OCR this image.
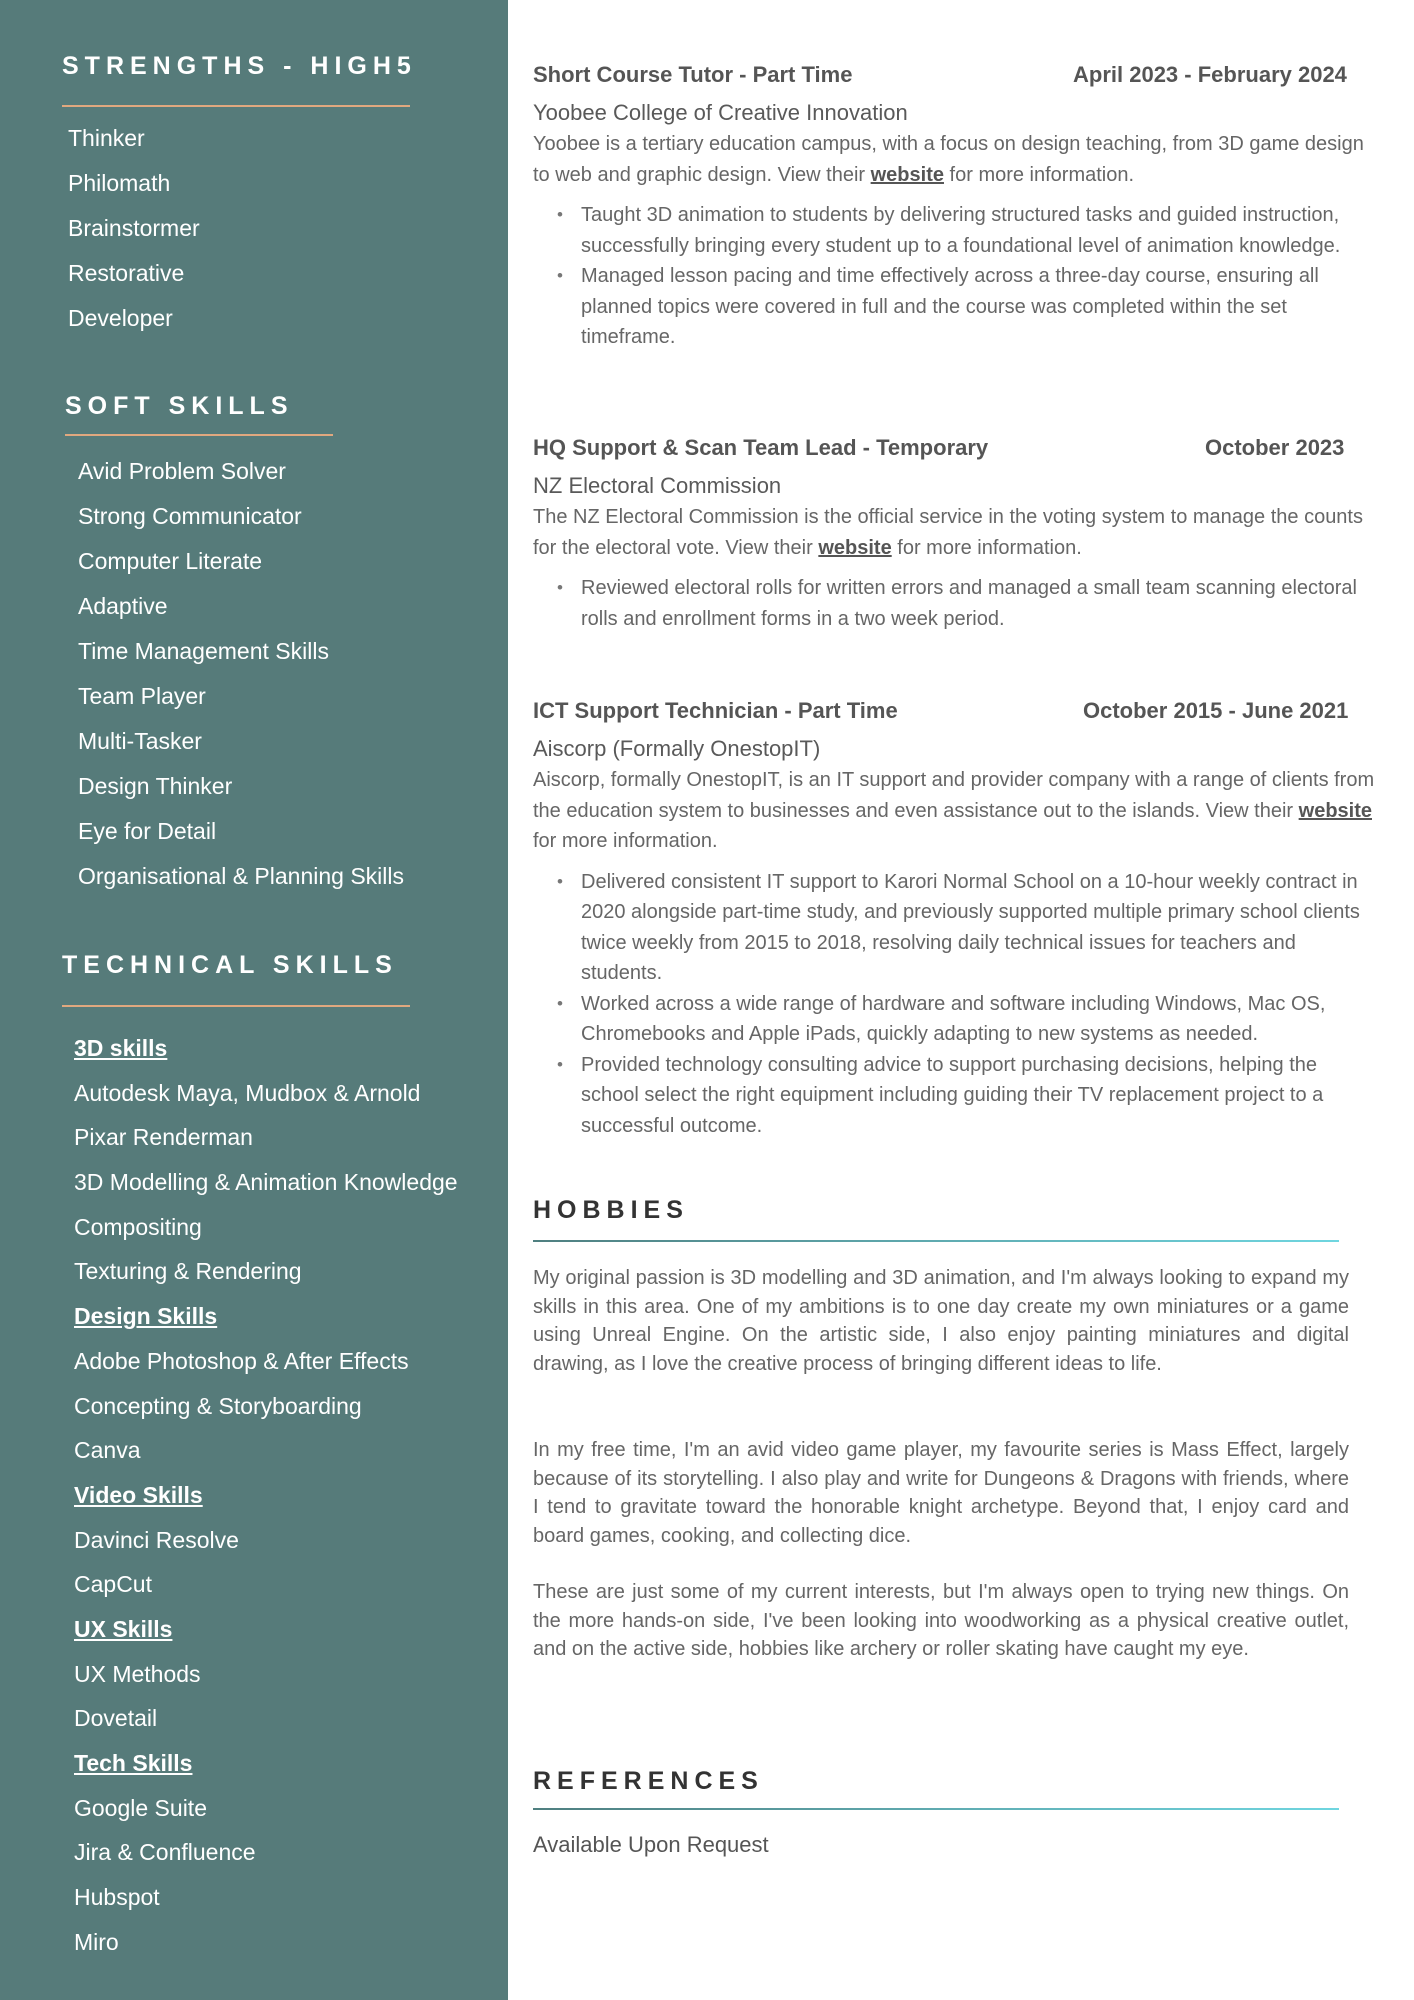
STRENGTHS - HIGH5
Thinker
Philomath
Brainstormer
Restorative
Developer
SOFT SKILLS
Avid Problem Solver
Strong Communicator
Computer Literate
Adaptive
Time Management Skills
Team Player
Multi-Tasker
Design Thinker
Eye for Detail
Organisational & Planning Skills
TECHNICAL SKILLS
3D skills
Autodesk Maya, Mudbox & Arnold
Pixar Renderman
3D Modelling & Animation Knowledge
Compositing
Texturing & Rendering
Design Skills
Adobe Photoshop & After Effects
Concepting & Storyboarding
Canva
Video Skills
Davinci Resolve
CapCut
UX Skills
UX Methods
Dovetail
Tech Skills
Google Suite
Jira & Confluence
Hubspot
Miro
Short Course Tutor - Part Time	April 2023 - February 2024
Yoobee College of Creative Innovation

Yoobee is a tertiary education campus, with a focus on design teaching, from 3D game design to web and graphic design. View their website for more information.

• Taught 3D animation to students by delivering structured tasks and guided instruction, successfully bringing every student up to a foundational level of animation knowledge.
• Managed lesson pacing and time effectively across a three-day course, ensuring all planned topics were covered in full and the course was completed within the set timeframe.
HQ Support & Scan Team Lead - Temporary	October 2023
NZ Electoral Commission

The NZ Electoral Commission is the official service in the voting system to manage the counts for the electoral vote. View their website for more information.

• Reviewed electoral rolls for written errors and managed a small team scanning electoral rolls and enrollment forms in a two week period.
ICT Support Technician - Part Time	October 2015 - June 2021
Aiscorp (Formally OnestopIT)

Aiscorp, formally OnestopIT, is an IT support and provider company with a range of clients from the education system to businesses and even assistance out to the islands. View their website for more information.

• Delivered consistent IT support to Karori Normal School on a 10-hour weekly contract in 2020 alongside part-time study, and previously supported multiple primary school clients twice weekly from 2015 to 2018, resolving daily technical issues for teachers and students.
• Worked across a wide range of hardware and software including Windows, Mac OS, Chromebooks and Apple iPads, quickly adapting to new systems as needed.
• Provided technology consulting advice to support purchasing decisions, helping the school select the right equipment including guiding their TV replacement project to a successful outcome.
HOBBIES

My original passion is 3D modelling and 3D animation, and I'm always looking to expand my skills in this area. One of my ambitions is to one day create my own miniatures or a game using Unreal Engine. On the artistic side, I also enjoy painting miniatures and digital drawing, as I love the creative process of bringing different ideas to life.

In my free time, I'm an avid video game player, my favourite series is Mass Effect, largely because of its storytelling. I also play and write for Dungeons & Dragons with friends, where I tend to gravitate toward the honorable knight archetype. Beyond that, I enjoy card and board games, cooking, and collecting dice.

These are just some of my current interests, but I'm always open to trying new things. On the more hands-on side, I've been looking into woodworking as a physical creative outlet, and on the active side, hobbies like archery or roller skating have caught my eye.

REFERENCES
Available Upon Request
